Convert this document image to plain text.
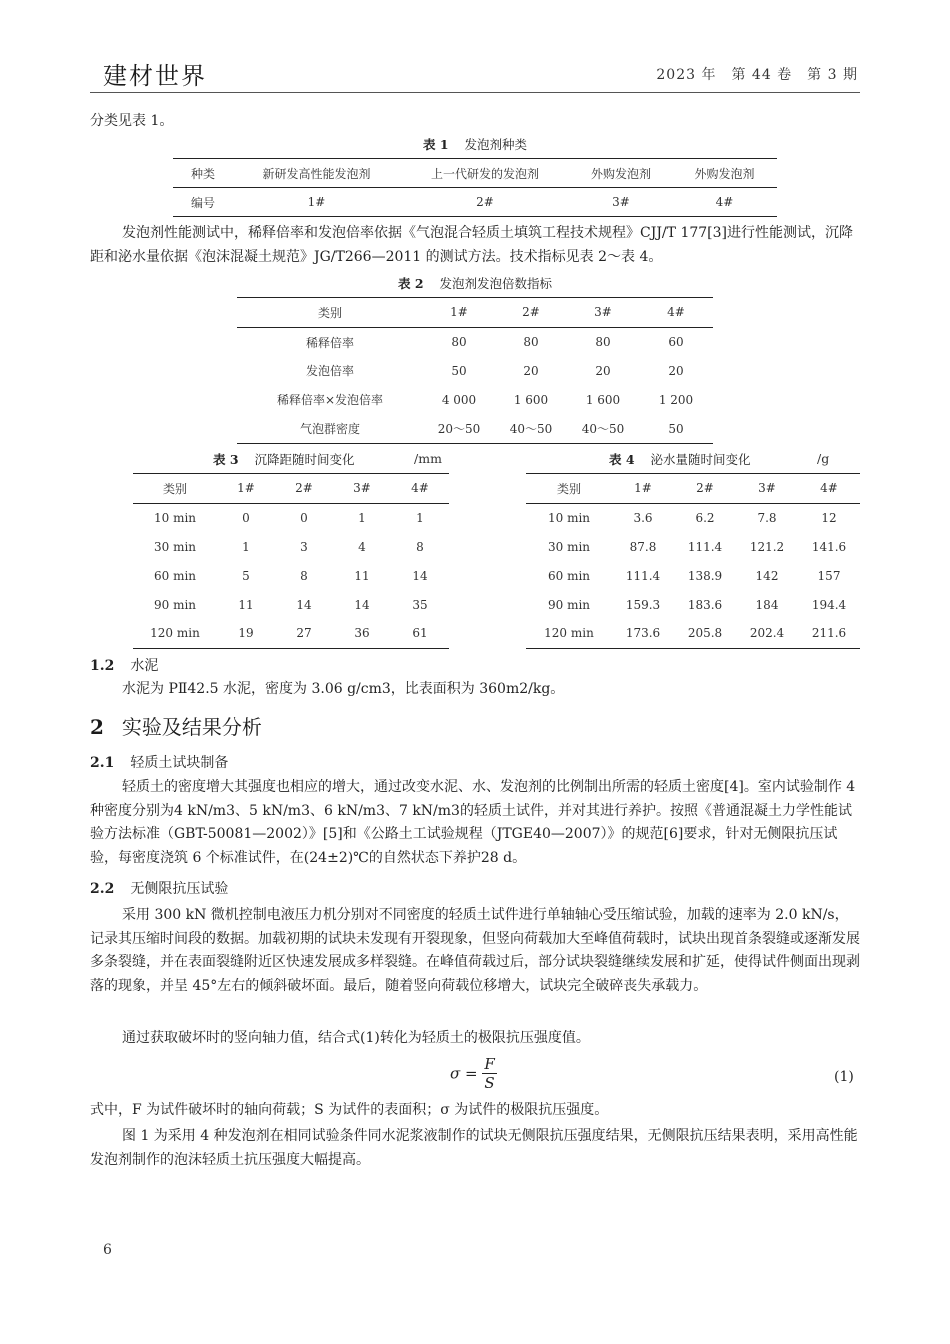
建材世界	2023 年　第 44 卷　第 3 期
分类见表 1。
表 1 发泡剂种类
种类	新研发高性能发泡剂	上一代研发的发泡剂	外购发泡剂	外购发泡剂
编号	1#	2#	3#	4#
发泡剂性能测试中，稀释倍率和发泡倍率依据《气泡混合轻质土填筑工程技术规程》CJJ/T 177[3]进行性能测试，沉降距和泌水量依据《泡沫混凝土规范》JG/T266—2011 的测试方法。技术指标见表 2～表 4。
表 2 发泡剂发泡倍数指标
类别	1#	2#	3#	4#
稀释倍率	80	80	80	60
发泡倍率	50	20	20	20
稀释倍率×发泡倍率	4 000	1 600	1 600	1 200
气泡群密度	20～50	40～50	40～50	50
表 3 沉降距随时间变化	/mm
类别	1#	2#	3#	4#
10 min	0	0	1	1
30 min	1	3	4	8
60 min	5	8	11	14
90 min	11	14	14	35
120 min	19	27	36	61
表 4 泌水量随时间变化	/g
类别	1#	2#	3#	4#
10 min	3.6	6.2	7.8	12
30 min	87.8	111.4	121.2	141.6
60 min	111.4	138.9	142	157
90 min	159.3	183.6	184	194.4
120 min	173.6	205.8	202.4	211.6
1.2 水泥
水泥为 PⅡ42.5 水泥，密度为 3.06 g/cm3，比表面积为 360m2/kg。
2 实验及结果分析
2.1 轻质土试块制备
轻质土的密度增大其强度也相应的增大，通过改变水泥、水、发泡剂的比例制出所需的轻质土密度[4]。室内试验制作 4 种密度分别为4 kN/m3、5 kN/m3、6 kN/m3、7 kN/m3的轻质土试件，并对其进行养护。按照《普通混凝土力学性能试验方法标准（GBT-50081—2002）》[5]和《公路土工试验规程（JTGE40—2007）》的规范[6]要求，针对无侧限抗压试验，每密度浇筑 6 个标准试件，在(24±2)℃的自然状态下养护28 d。
2.2 无侧限抗压试验
采用 300 kN 微机控制电液压力机分别对不同密度的轻质土试件进行单轴轴心受压缩试验，加载的速率为 2.0 kN/s，记录其压缩时间段的数据。加载初期的试块未发现有开裂现象，但竖向荷载加大至峰值荷载时，试块出现首条裂缝或逐渐发展多条裂缝，并在表面裂缝附近区快速发展成多样裂缝。在峰值荷载过后，部分试块裂缝继续发展和扩延，使得试件侧面出现剥落的现象，并呈 45°左右的倾斜破坏面。最后，随着竖向荷载位移增大，试块完全破碎丧失承载力。
通过获取破坏时的竖向轴力值，结合式(1)转化为轻质土的极限抗压强度值。
$\sigma = \frac{F}{S}$	(1)
式中，F 为试件破坏时的轴向荷载；S 为试件的表面积；σ 为试件的极限抗压强度。
图 1 为采用 4 种发泡剂在相同试验条件同水泥浆液制作的试块无侧限抗压强度结果，无侧限抗压结果表明，采用高性能发泡剂制作的泡沫轻质土抗压强度大幅提高。
6
